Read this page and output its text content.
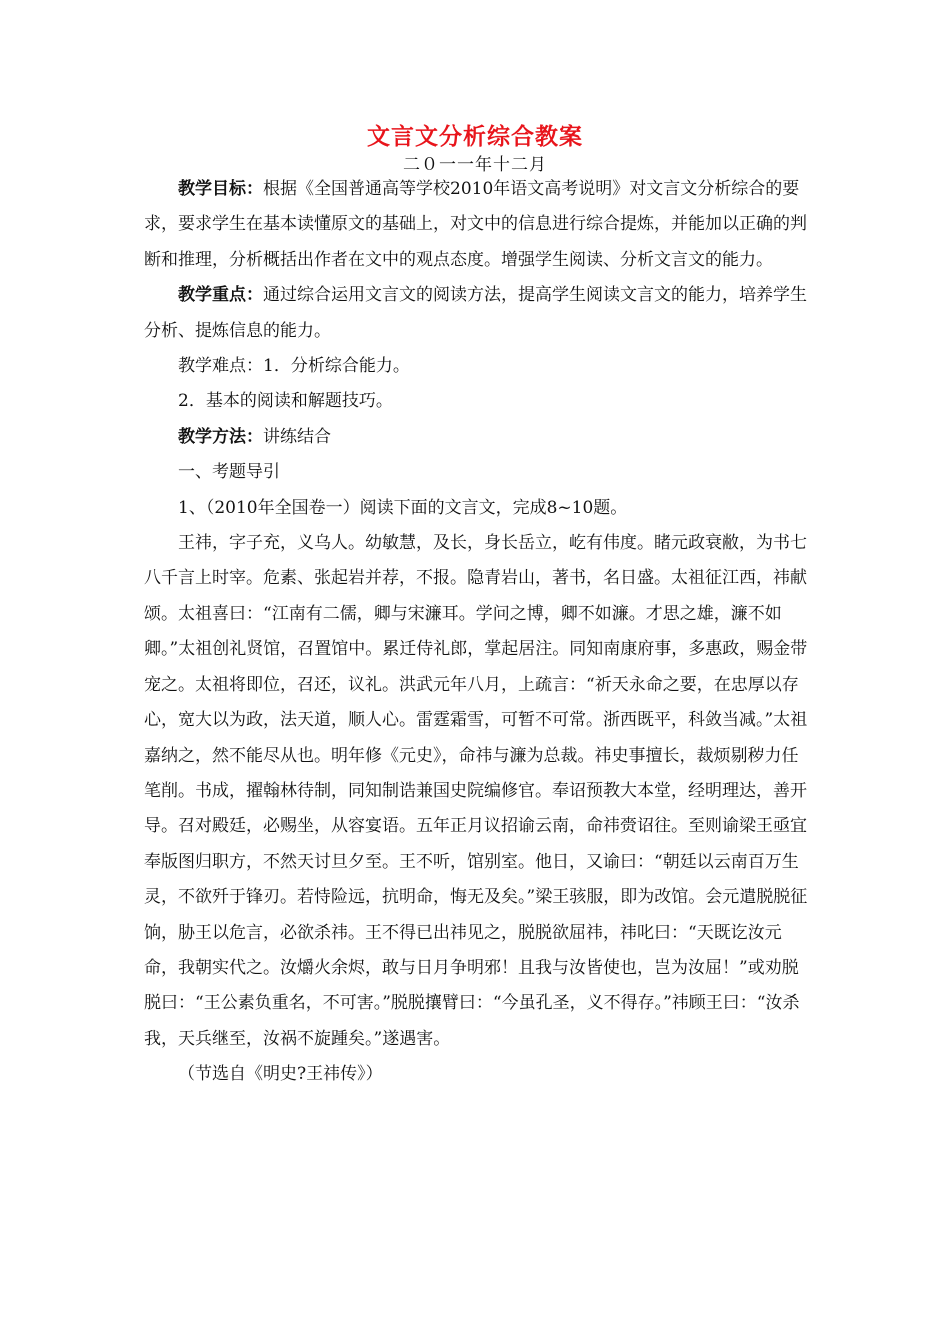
文言文分析综合教案
二０一一年十二月

教学目标：根据《全国普通高等学校2010年语文高考说明》对文言文分析综合的要求，要求学生在基本读懂原文的基础上，对文中的信息进行综合提炼，并能加以正确的判断和推理，分析概括出作者在文中的观点态度。增强学生阅读、分析文言文的能力。

教学重点：通过综合运用文言文的阅读方法，提高学生阅读文言文的能力，培养学生分析、提炼信息的能力。

教学难点：1．分析综合能力。

2．基本的阅读和解题技巧。

教学方法：讲练结合

一、考题导引

1、（2010年全国卷一）阅读下面的文言文，完成8~10题。

王祎，字子充，义乌人。幼敏慧，及长，身长岳立，屹有伟度。睹元政衰敝，为书七八千言上时宰。危素、张起岩并荐，不报。隐青岩山，著书，名日盛。太祖征江西，祎献颂。太祖喜曰：“江南有二儒，卿与宋濂耳。学问之博，卿不如濂。才思之雄，濂不如卿。”太祖创礼贤馆，召置馆中。累迁侍礼郎，掌起居注。同知南康府事，多惠政，赐金带宠之。太祖将即位，召还，议礼。洪武元年八月，上疏言：“祈天永命之要，在忠厚以存心，宽大以为政，法天道，顺人心。雷霆霜雪，可暂不可常。浙西既平，科敛当减。”太祖嘉纳之，然不能尽从也。明年修《元史》，命祎与濂为总裁。祎史事擅长，裁烦剔秽力任笔削。书成，擢翰林待制，同知制诰兼国史院编修官。奉诏预教大本堂，经明理达，善开导。召对殿廷，必赐坐，从容宴语。五年正月议招谕云南，命祎赍诏往。至则谕梁王亟宜奉版图归职方，不然天讨旦夕至。王不听，馆别室。他日，又谕曰：“朝廷以云南百万生灵，不欲歼于锋刃。若恃险远，抗明命，悔无及矣。”梁王骇服，即为改馆。会元遣脱脱征饷，胁王以危言，必欲杀祎。王不得已出祎见之，脱脱欲屈祎，祎叱曰：“天既讫汝元命，我朝实代之。汝爝火余烬，敢与日月争明邪！且我与汝皆使也，岂为汝屈！”或劝脱脱曰：“王公素负重名，不可害。”脱脱攘臂曰：“今虽孔圣，义不得存。”祎顾王曰：“汝杀我，天兵继至，汝祸不旋踵矣。”遂遇害。

（节选自《明史?王祎传》）
